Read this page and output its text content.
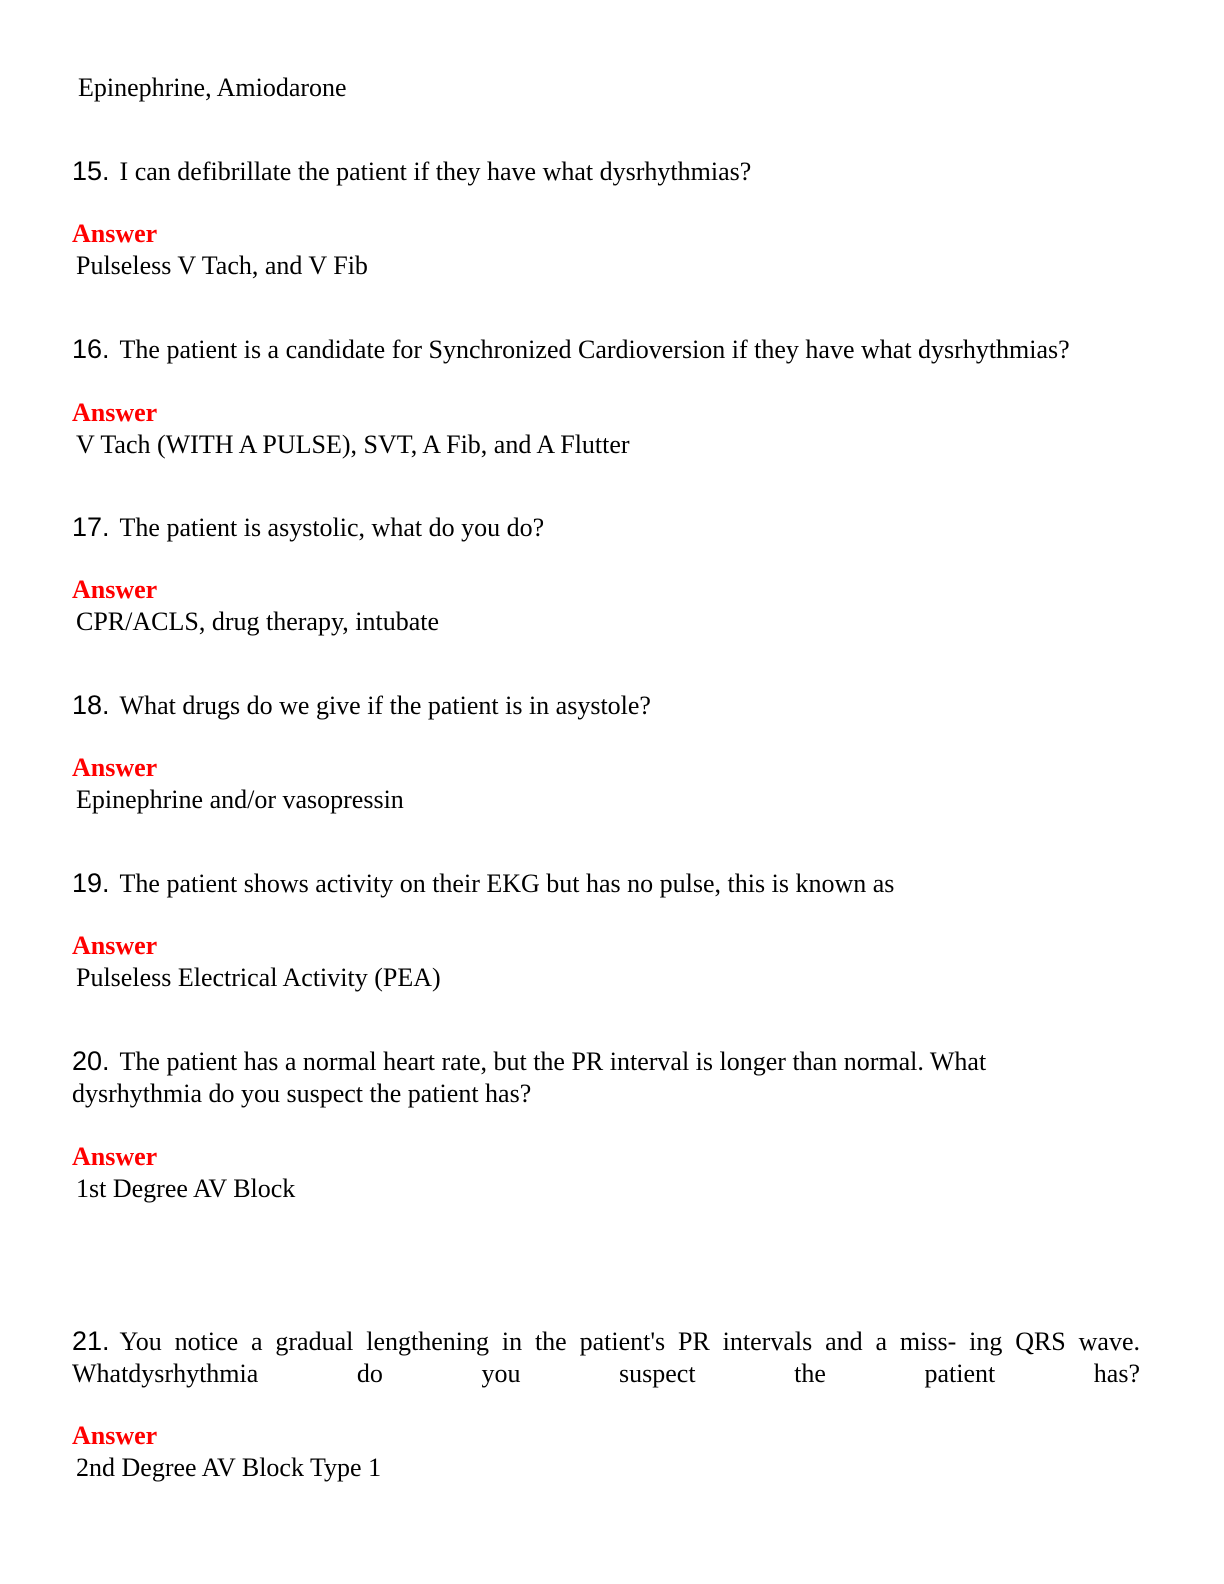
Epinephrine, Amiodarone
15. I can defibrillate the patient if they have what dysrhythmias?
Answer
Pulseless V Tach, and V Fib
16. The patient is a candidate for Synchronized Cardioversion if they have what dysrhythmias?
Answer
V Tach (WITH A PULSE), SVT, A Fib, and A Flutter
17. The patient is asystolic, what do you do?
Answer
CPR/ACLS, drug therapy, intubate
18. What drugs do we give if the patient is in asystole?
Answer
Epinephrine and/or vasopressin
19. The patient shows activity on their EKG but has no pulse, this is known as
Answer
Pulseless Electrical Activity (PEA)
20. The patient has a normal heart rate, but the PR interval is longer than normal. What dysrhythmia do you suspect the patient has?
Answer
1st Degree AV Block
21. You notice a gradual lengthening in the patient's PR intervals and a miss- ing QRS wave. Whatdysrhythmia do you suspect the patient has?
Answer
2nd Degree AV Block Type 1
